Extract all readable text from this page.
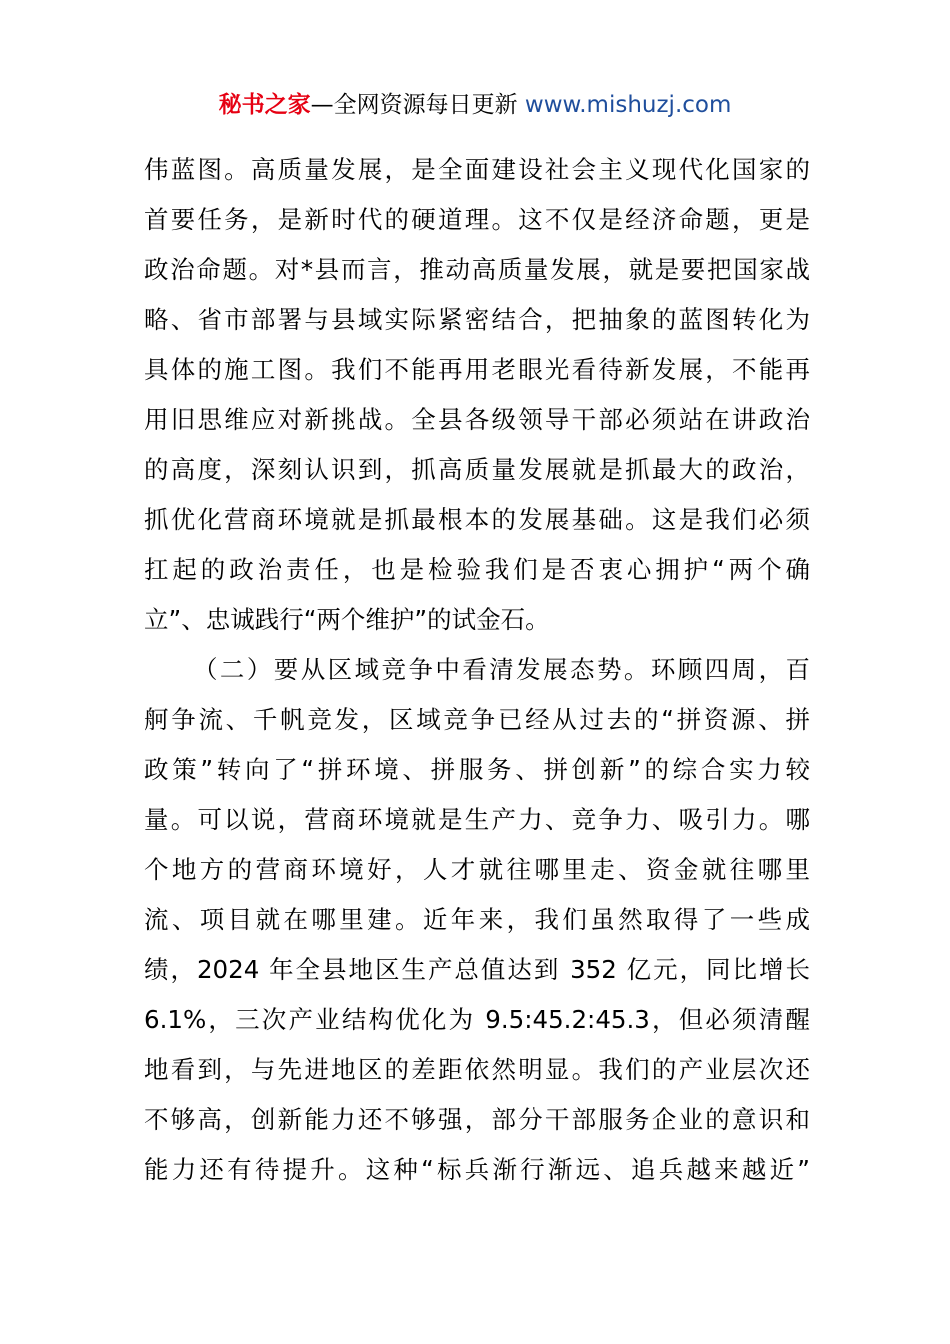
秘书之家—全网资源每日更新 www.mishuzj.com
伟蓝图。高质量发展，是全面建设社会主义现代化国家的
首要任务，是新时代的硬道理。这不仅是经济命题，更是
政治命题。对*县而言，推动高质量发展，就是要把国家战
略、省市部署与县域实际紧密结合，把抽象的蓝图转化为
具体的施工图。我们不能再用老眼光看待新发展，不能再
用旧思维应对新挑战。全县各级领导干部必须站在讲政治
的高度，深刻认识到，抓高质量发展就是抓最大的政治，
抓优化营商环境就是抓最根本的发展基础。这是我们必须
扛起的政治责任，也是检验我们是否衷心拥护“两个确
立”、忠诚践行“两个维护”的试金石。
（二）要从区域竞争中看清发展态势。环顾四周，百
舸争流、千帆竞发，区域竞争已经从过去的“拼资源、拼
政策”转向了“拼环境、拼服务、拼创新”的综合实力较
量。可以说，营商环境就是生产力、竞争力、吸引力。哪
个地方的营商环境好，人才就往哪里走、资金就往哪里
流、项目就在哪里建。近年来，我们虽然取得了一些成
绩，2024 年全县地区生产总值达到 352 亿元，同比增长
6.1%，三次产业结构优化为 9.5:45.2:45.3，但必须清醒
地看到，与先进地区的差距依然明显。我们的产业层次还
不够高，创新能力还不够强，部分干部服务企业的意识和
能力还有待提升。这种“标兵渐行渐远、追兵越来越近”
